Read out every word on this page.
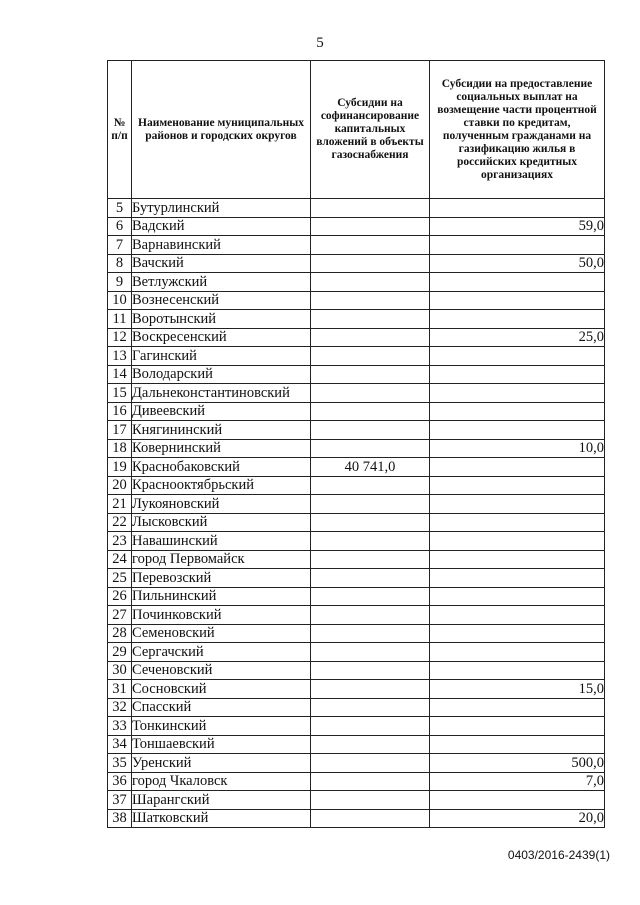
5
№ п/п	Наименование муниципальных районов и городских округов	Субсидии на софинансирование капитальных вложений в объекты газоснабжения	Субсидии на предоставление социальных выплат на возмещение части процентной ставки по кредитам, полученным гражданами на газификацию жилья в российских кредитных организациях
5	Бутурлинский		
6	Вадский		59,0
7	Варнавинский		
8	Вачский		50,0
9	Ветлужский		
10	Вознесенский		
11	Воротынский		
12	Воскресенский		25,0
13	Гагинский		
14	Володарский		
15	Дальнеконстантиновский		
16	Дивеевский		
17	Княгининский		
18	Ковернинский		10,0
19	Краснобаковский	40 741,0	
20	Краснооктябрьский		
21	Лукояновский		
22	Лысковский		
23	Навашинский		
24	город Первомайск		
25	Перевозский		
26	Пильнинский		
27	Починковский		
28	Семеновский		
29	Сергачский		
30	Сеченовский		
31	Сосновский		15,0
32	Спасский		
33	Тонкинский		
34	Тоншаевский		
35	Уренский		500,0
36	город Чкаловск		7,0
37	Шарангский		
38	Шатковский		20,0
0403/2016-2439(1)
